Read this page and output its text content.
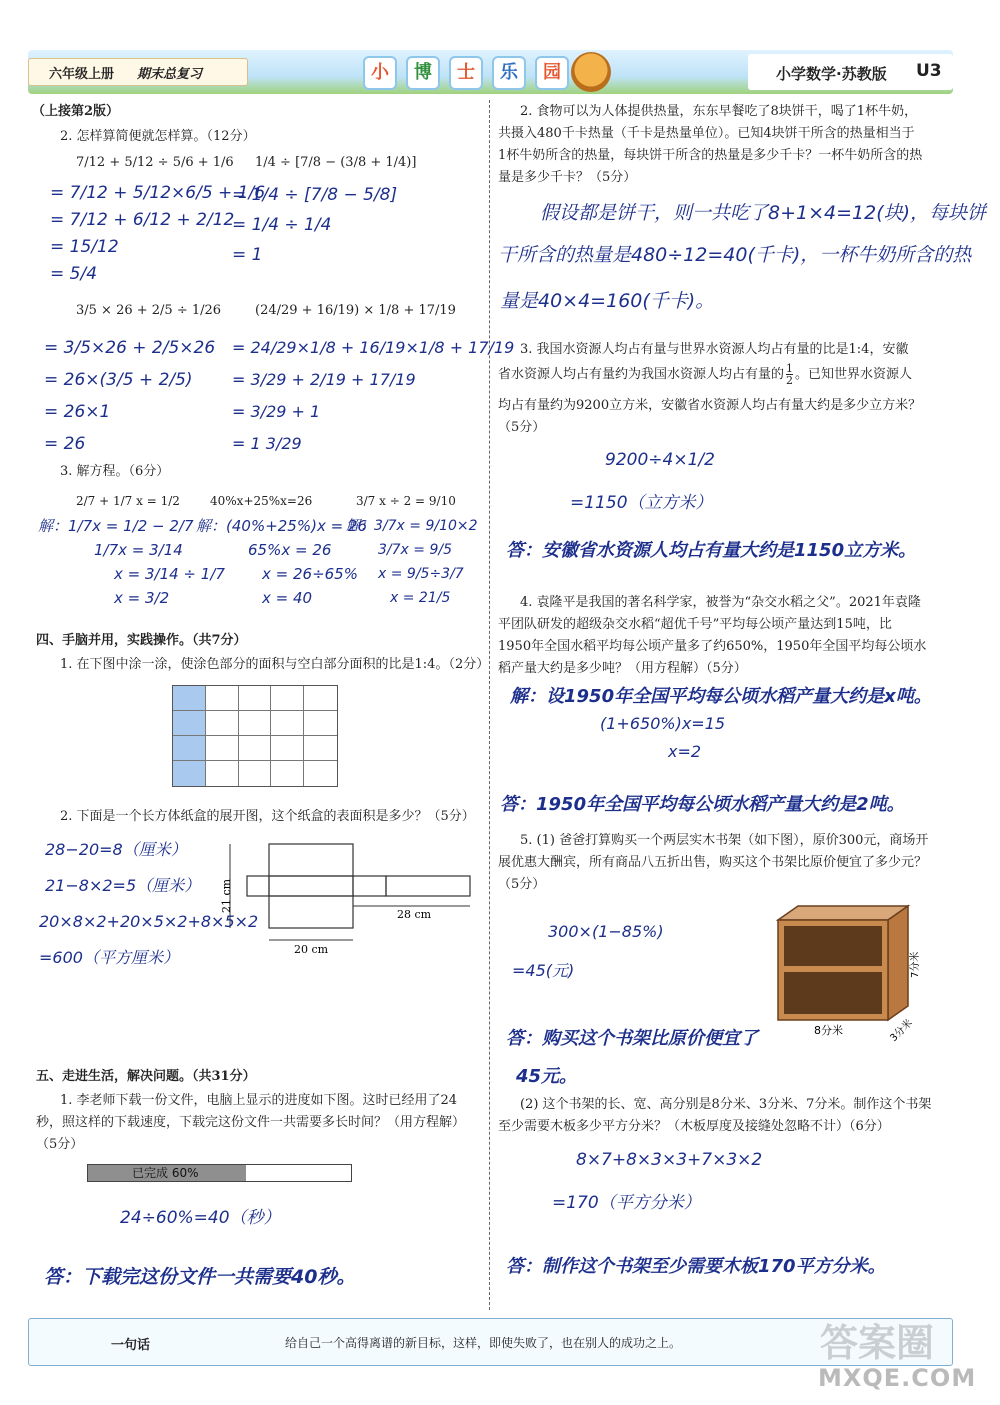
六年级上册 期末总复习	小	博	士	乐	园	小学数学·苏教版 U3
（上接第2版）
2. 怎样算简便就怎样算。（12分）
7/12 + 5/12 ÷ 5/6 + 1/6
= 7/12 + 5/12×6/5 + 1/6
= 7/12 + 6/12 + 2/12
= 15/12
= 5/4
1/4 ÷ [7/8 − (3/8 + 1/4)]
= 1/4 ÷ [7/8 − 5/8]
= 1/4 ÷ 1/4
= 1
3/5 × 26 + 2/5 ÷ 1/26
= 3/5×26 + 2/5×26
= 26×(3/5 + 2/5)
= 26×1
= 26
(24/29 + 16/19) × 1/8 + 17/19
= 24/29×1/8 + 16/19×1/8 + 17/19
= 3/29 + 2/19 + 17/19
= 3/29 + 1
= 1 3/29
3. 解方程。（6分）
2/7 + 1/7 x = 1/2
解：1/7x = 1/2 − 2/7
1/7x = 3/14
x = 3/14 ÷ 1/7
x = 3/2
40%x+25%x=26
解：(40%+25%)x = 26
65%x = 26
x = 26÷65%
x = 40
3/7 x ÷ 2 = 9/10
解：3/7x = 9/10×2
3/7x = 9/5
x = 9/5÷3/7
x = 21/5
四、手脑并用，实践操作。（共7分）
1. 在下图中涂一涂，使涂色部分的面积与空白部分面积的比是1:4。（2分）
2. 下面是一个长方体纸盒的展开图，这个纸盒的表面积是多少？（5分）
28−20=8（厘米）
21−8×2=5（厘米）
20×8×2+20×5×2+8×5×2
=600（平方厘米）
21 cm
28 cm
20 cm
五、走进生活，解决问题。（共31分）
1. 李老师下载一份文件，电脑上显示的进度如下图。这时已经用了24
秒，照这样的下载速度，下载完这份文件一共需要多长时间？（用方程解）
（5分）
已完成 60%
24÷60%=40（秒）
答：下载完这份文件一共需要40秒。
2. 食物可以为人体提供热量，东东早餐吃了8块饼干，喝了1杯牛奶，
共摄入480千卡热量（千卡是热量单位）。已知4块饼干所含的热量相当于
1杯牛奶所含的热量，每块饼干所含的热量是多少千卡？一杯牛奶所含的热
量是多少千卡？（5分）
假设都是饼干，则一共吃了8+1×4=12(块)，每块饼
干所含的热量是480÷12=40(千卡)，一杯牛奶所含的热
量是40×4=160(千卡)。
3. 我国水资源人均占有量与世界水资源人均占有量的比是1:4，安徽
省水资源人均占有量约为我国水资源人均占有量的 $\frac{1}{2}$ 。已知世界水资源人
均占有量约为9200立方米，安徽省水资源人均占有量大约是多少立方米？
（5分）
9200÷4×1/2
=1150（立方米）
答：安徽省水资源人均占有量大约是1150立方米。
4. 袁隆平是我国的著名科学家，被誉为“杂交水稻之父”。2021年袁隆
平团队研发的超级杂交水稻“超优千号”平均每公顷产量达到15吨，比
1950年全国水稻平均每公顷产量多了约650%，1950年全国平均每公顷水
稻产量大约是多少吨？（用方程解）（5分）
解：设1950年全国平均每公顷水稻产量大约是x吨。
(1+650%)x=15
x=2
答：1950年全国平均每公顷水稻产量大约是2吨。
5. (1) 爸爸打算购买一个两层实木书架（如下图），原价300元，商场开
展优惠大酬宾，所有商品八五折出售，购买这个书架比原价便宜了多少元？
（5分）
300×(1−85%)
=45(元)
答：购买这个书架比原价便宜了
45元。
7分米
8分米	3分米
(2) 这个书架的长、宽、高分别是8分米、3分米、7分米。制作这个书架
至少需要木板多少平方分米？（木板厚度及接缝处忽略不计）（6分）
8×7+8×3×3+7×3×2
=170（平方分米）
答：制作这个书架至少需要木板170平方分米。
一句话	给自己一个高得离谱的新目标，这样，即使失败了，也在别人的成功之上。	答案圈
MXQE.COM
